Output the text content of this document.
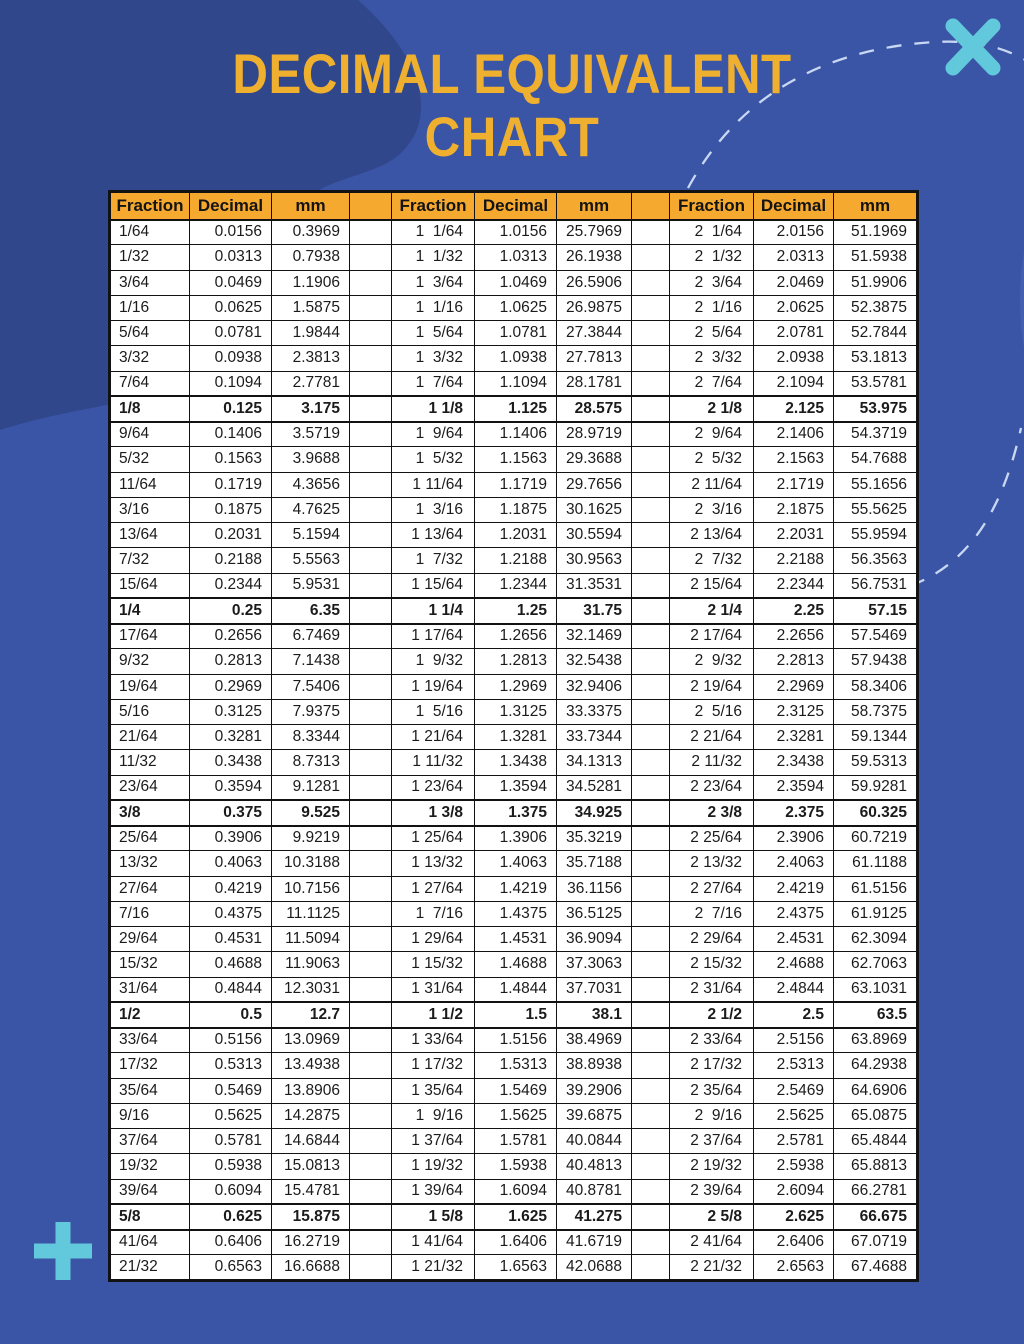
DECIMAL EQUIVALENT
CHART
Fraction	Decimal	mm		Fraction	Decimal	mm		Fraction	Decimal	mm
1/64	0.0156	0.3969		1  1/64	1.0156	25.7969		2  1/64	2.0156	51.1969
1/32	0.0313	0.7938		1  1/32	1.0313	26.1938		2  1/32	2.0313	51.5938
3/64	0.0469	1.1906		1  3/64	1.0469	26.5906		2  3/64	2.0469	51.9906
1/16	0.0625	1.5875		1  1/16	1.0625	26.9875		2  1/16	2.0625	52.3875
5/64	0.0781	1.9844		1  5/64	1.0781	27.3844		2  5/64	2.0781	52.7844
3/32	0.0938	2.3813		1  3/32	1.0938	27.7813		2  3/32	2.0938	53.1813
7/64	0.1094	2.7781		1  7/64	1.1094	28.1781		2  7/64	2.1094	53.5781
1/8	0.125	3.175		1 1/8	1.125	28.575		2 1/8	2.125	53.975
9/64	0.1406	3.5719		1  9/64	1.1406	28.9719		2  9/64	2.1406	54.3719
5/32	0.1563	3.9688		1  5/32	1.1563	29.3688		2  5/32	2.1563	54.7688
11/64	0.1719	4.3656		1 11/64	1.1719	29.7656		2 11/64	2.1719	55.1656
3/16	0.1875	4.7625		1  3/16	1.1875	30.1625		2  3/16	2.1875	55.5625
13/64	0.2031	5.1594		1 13/64	1.2031	30.5594		2 13/64	2.2031	55.9594
7/32	0.2188	5.5563		1  7/32	1.2188	30.9563		2  7/32	2.2188	56.3563
15/64	0.2344	5.9531		1 15/64	1.2344	31.3531		2 15/64	2.2344	56.7531
1/4	0.25	6.35		1 1/4	1.25	31.75		2 1/4	2.25	57.15
17/64	0.2656	6.7469		1 17/64	1.2656	32.1469		2 17/64	2.2656	57.5469
9/32	0.2813	7.1438		1  9/32	1.2813	32.5438		2  9/32	2.2813	57.9438
19/64	0.2969	7.5406		1 19/64	1.2969	32.9406		2 19/64	2.2969	58.3406
5/16	0.3125	7.9375		1  5/16	1.3125	33.3375		2  5/16	2.3125	58.7375
21/64	0.3281	8.3344		1 21/64	1.3281	33.7344		2 21/64	2.3281	59.1344
11/32	0.3438	8.7313		1 11/32	1.3438	34.1313		2 11/32	2.3438	59.5313
23/64	0.3594	9.1281		1 23/64	1.3594	34.5281		2 23/64	2.3594	59.9281
3/8	0.375	9.525		1 3/8	1.375	34.925		2 3/8	2.375	60.325
25/64	0.3906	9.9219		1 25/64	1.3906	35.3219		2 25/64	2.3906	60.7219
13/32	0.4063	10.3188		1 13/32	1.4063	35.7188		2 13/32	2.4063	61.1188
27/64	0.4219	10.7156		1 27/64	1.4219	36.1156		2 27/64	2.4219	61.5156
7/16	0.4375	11.1125		1  7/16	1.4375	36.5125		2  7/16	2.4375	61.9125
29/64	0.4531	11.5094		1 29/64	1.4531	36.9094		2 29/64	2.4531	62.3094
15/32	0.4688	11.9063		1 15/32	1.4688	37.3063		2 15/32	2.4688	62.7063
31/64	0.4844	12.3031		1 31/64	1.4844	37.7031		2 31/64	2.4844	63.1031
1/2	0.5	12.7		1 1/2	1.5	38.1		2 1/2	2.5	63.5
33/64	0.5156	13.0969		1 33/64	1.5156	38.4969		2 33/64	2.5156	63.8969
17/32	0.5313	13.4938		1 17/32	1.5313	38.8938		2 17/32	2.5313	64.2938
35/64	0.5469	13.8906		1 35/64	1.5469	39.2906		2 35/64	2.5469	64.6906
9/16	0.5625	14.2875		1  9/16	1.5625	39.6875		2  9/16	2.5625	65.0875
37/64	0.5781	14.6844		1 37/64	1.5781	40.0844		2 37/64	2.5781	65.4844
19/32	0.5938	15.0813		1 19/32	1.5938	40.4813		2 19/32	2.5938	65.8813
39/64	0.6094	15.4781		1 39/64	1.6094	40.8781		2 39/64	2.6094	66.2781
5/8	0.625	15.875		1 5/8	1.625	41.275		2 5/8	2.625	66.675
41/64	0.6406	16.2719		1 41/64	1.6406	41.6719		2 41/64	2.6406	67.0719
21/32	0.6563	16.6688		1 21/32	1.6563	42.0688		2 21/32	2.6563	67.4688
